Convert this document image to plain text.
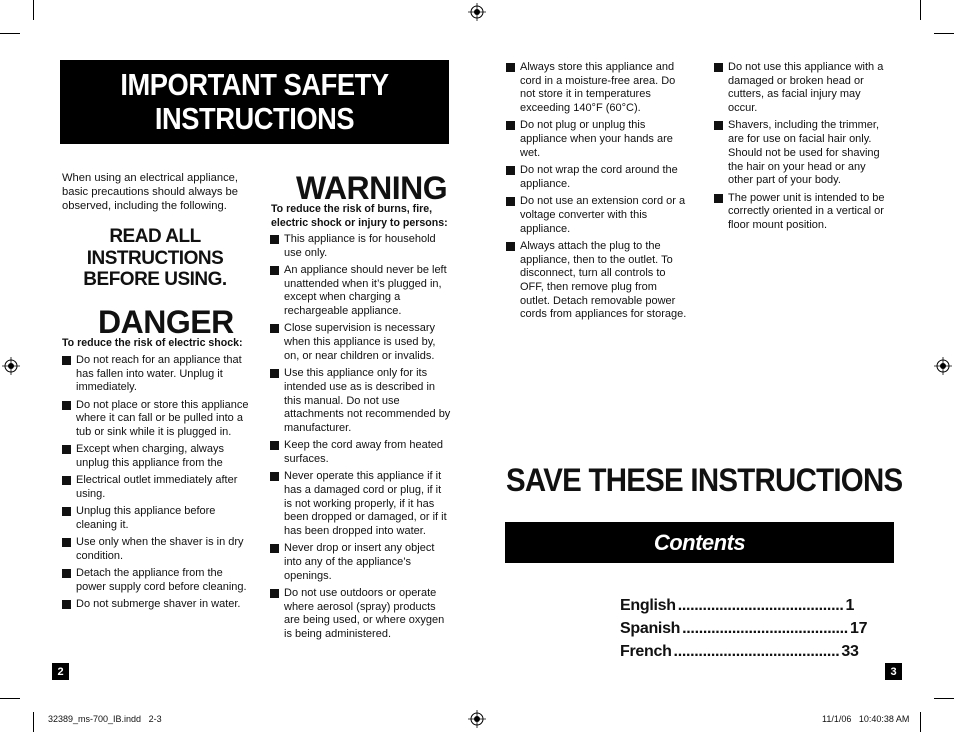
IMPORTANT SAFETY INSTRUCTIONS
When using an electrical appliance, basic precautions should always be observed, including the following.
READ ALL INSTRUCTIONS BEFORE USING.
DANGER
To reduce the risk of electric shock:
Do not reach for an appliance that has fallen into water. Unplug it immediately.
Do not place or store this appliance where it can fall or be pulled into a tub or sink while it is plugged in.
Except when charging, always unplug this appliance from the
Electrical outlet immediately after using.
Unplug this appliance before cleaning it.
Use only when the shaver is in dry condition.
Detach the appliance from the power supply cord before cleaning.
Do not submerge shaver in water.
WARNING
To reduce the risk of burns, fire, electric shock or injury to persons:
This appliance is for household use only.
An appliance should never be left unattended when it’s plugged in, except when charging a rechargeable appliance.
Close supervision is necessary when this appliance is used by, on, or near children or invalids.
Use this appliance only for its intended use as is described in this manual. Do not use attachments not recommended by manufacturer.
Keep the cord away from heated surfaces.
Never operate this appliance if it has a damaged cord or plug, if it is not working properly, if it has been dropped or damaged, or if it has been dropped into water.
Never drop or insert any object into any of the appliance’s openings.
Do not use outdoors or operate where aerosol (spray) products are being used, or where oxygen is being administered.
2
Always store this appliance and cord in a moisture-free area. Do not store it in temperatures exceeding 140°F (60°C).
Do not plug or unplug this appliance when your hands are wet.
Do not wrap the cord around the appliance.
Do not use an extension cord or a voltage converter with this appliance.
Always attach the plug to the appliance, then to the outlet. To disconnect, turn all controls to OFF, then remove plug from outlet. Detach removable power cords from appliances for storage.
Do not use this appliance with a damaged or broken head or cutters, as facial injury may occur.
Shavers, including the trimmer, are for use on facial hair only. Should not be used for shaving the hair on your head or any other part of your body.
The power unit is intended to be correctly oriented in a vertical or floor mount position.
SAVE THESE INSTRUCTIONS
Contents
English ........................................ 1
Spanish ........................................ 17
French ........................................ 33
3
32389_ms-700_IB.indd   2-3	11/1/06   10:40:38 AM
